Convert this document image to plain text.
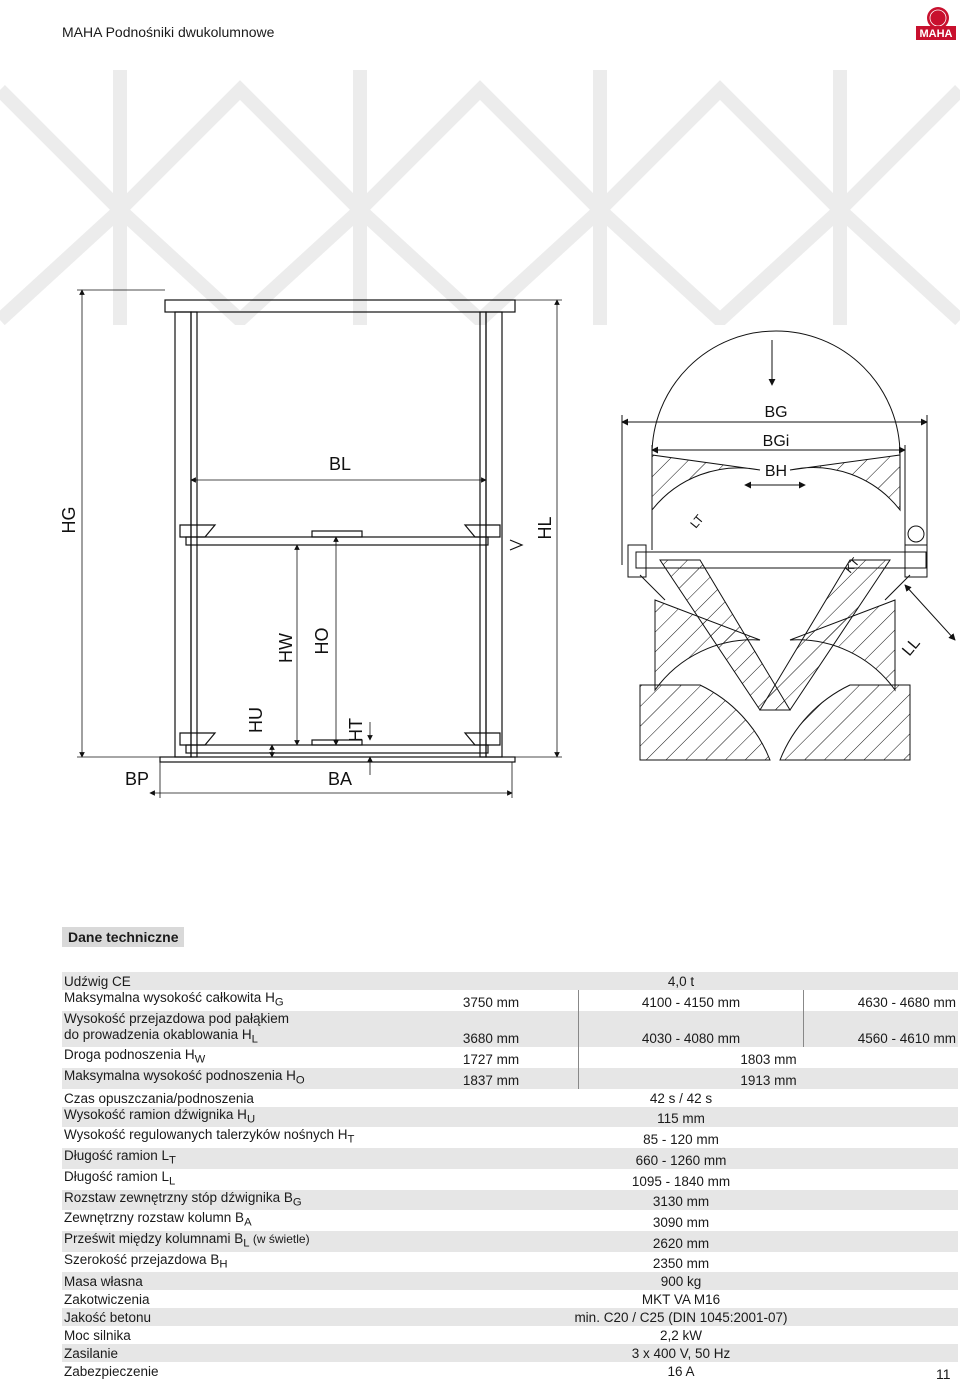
MAHA Podnośniki dwukolumnowe	MAHA
HG	HL
BL
HW HO
HU	HT
BP	BA
BG
BGi
BH
LL
KT
LT
Dane techniczne
Udźwig CE	4,0 t		
Maksymalna wysokość całkowita $H_G$	3750 mm	4100 - 4150 mm	4630 - 4680 mm
Wysokość przejazdowa pod pałąkiem
do prowadzenia okablowania $H_L$	3680 mm	4030 - 4080 mm	4560 - 4610 mm
Droga podnoszenia $H_W$	1727 mm	1803 mm	
Maksymalna wysokość podnoszenia $H_O$	1837 mm	1913 mm	
Czas opuszczania/podnoszenia	42 s / 42 s		
Wysokość ramion dźwignika $H_U$	115 mm		
Wysokość regulowanych talerzyków nośnych $H_T$	85 - 120 mm		
Długość ramion $L_T$	660 - 1260 mm		
Długość ramion $L_L$	1095 - 1840 mm		
Rozstaw zewnętrzny stóp dźwignika $B_G$	3130 mm		
Zewnętrzny rozstaw kolumn $B_A$	3090 mm		
Prześwit między kolumnami $B_L$ (w świetle)	2620 mm		
Szerokość przejazdowa $B_H$	2350 mm		
Masa własna	900 kg		
Zakotwiczenia	MKT VA M16		
Jakość betonu	min. C20 / C25 (DIN 1045:2001-07)		
Moc silnika	2,2 kW		
Zasilanie	3 x 400 V, 50 Hz		
Zabezpieczenie	16 A			11
